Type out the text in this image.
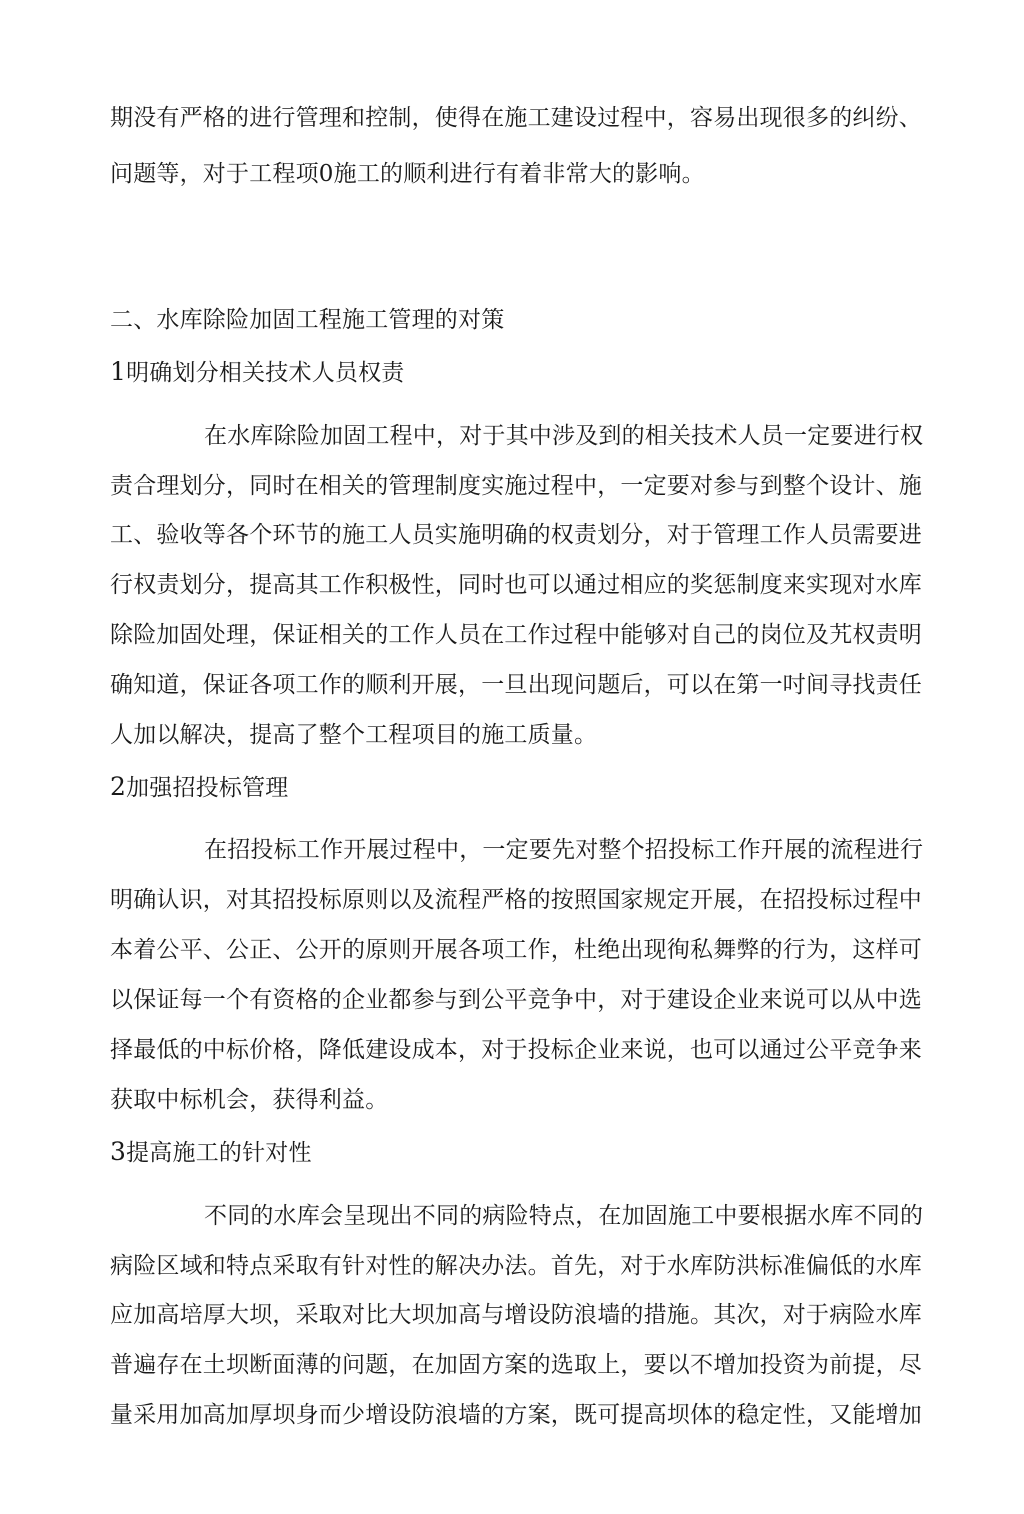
期没有严格的进行管理和控制，使得在施工建设过程中，容易出现很多的纠纷、
问题等，对于工程项0施工的顺利进行有着非常大的影响。
二、水库除险加固工程施工管理的对策
1明确划分相关技术人员权责
在水库除险加固工程中，对于其中涉及到的相关技术人员一定要进行权
责合理划分，同时在相关的管理制度实施过程中，一定要对参与到整个设计、施
工、验收等各个环节的施工人员实施明确的权责划分，对于管理工作人员需要进
行权责划分，提高其工作积极性，同时也可以通过相应的奖惩制度来实现对水库
除险加固处理，保证相关的工作人员在工作过程中能够对自己的岗位及艽权责明
确知道，保证各项工作的顺利开展，一旦出现问题后，可以在第一吋间寻找责任
人加以解决，提高了整个工程项目的施工质量。
2加强招投标管理
在招投标工作开展过程中，一定要先对整个招投标工作幵展的流程进行
明确认识，对其招投标原则以及流程严格的按照国家规定开展，在招投标过程中
本着公平、公正、公开的原则开展各项工作，杜绝出现徇私舞弊的行为，这样可
以保证每一个有资格的企业都参与到公平竞争中，对于建设企业来说可以从中选
择最低的中标价格，降低建设成本，对于投标企业来说，也可以通过公平竞争来
获取中标机会，获得利益。
3提高施工的针对性
不同的水库会呈现出不同的病险特点，在加固施工中要根据水库不同的
病险区域和特点采取有针对性的解决办法。首先，对于水库防洪标准偏低的水库
应加高培厚大坝，采取对比大坝加高与增设防浪墙的措施。其次，对于病险水库
普遍存在土坝断面薄的问题，在加固方案的选取上，要以不增加投资为前提，尽
量采用加高加厚坝身而少增设防浪墙的方案，既可提高坝体的稳定性，又能增加
